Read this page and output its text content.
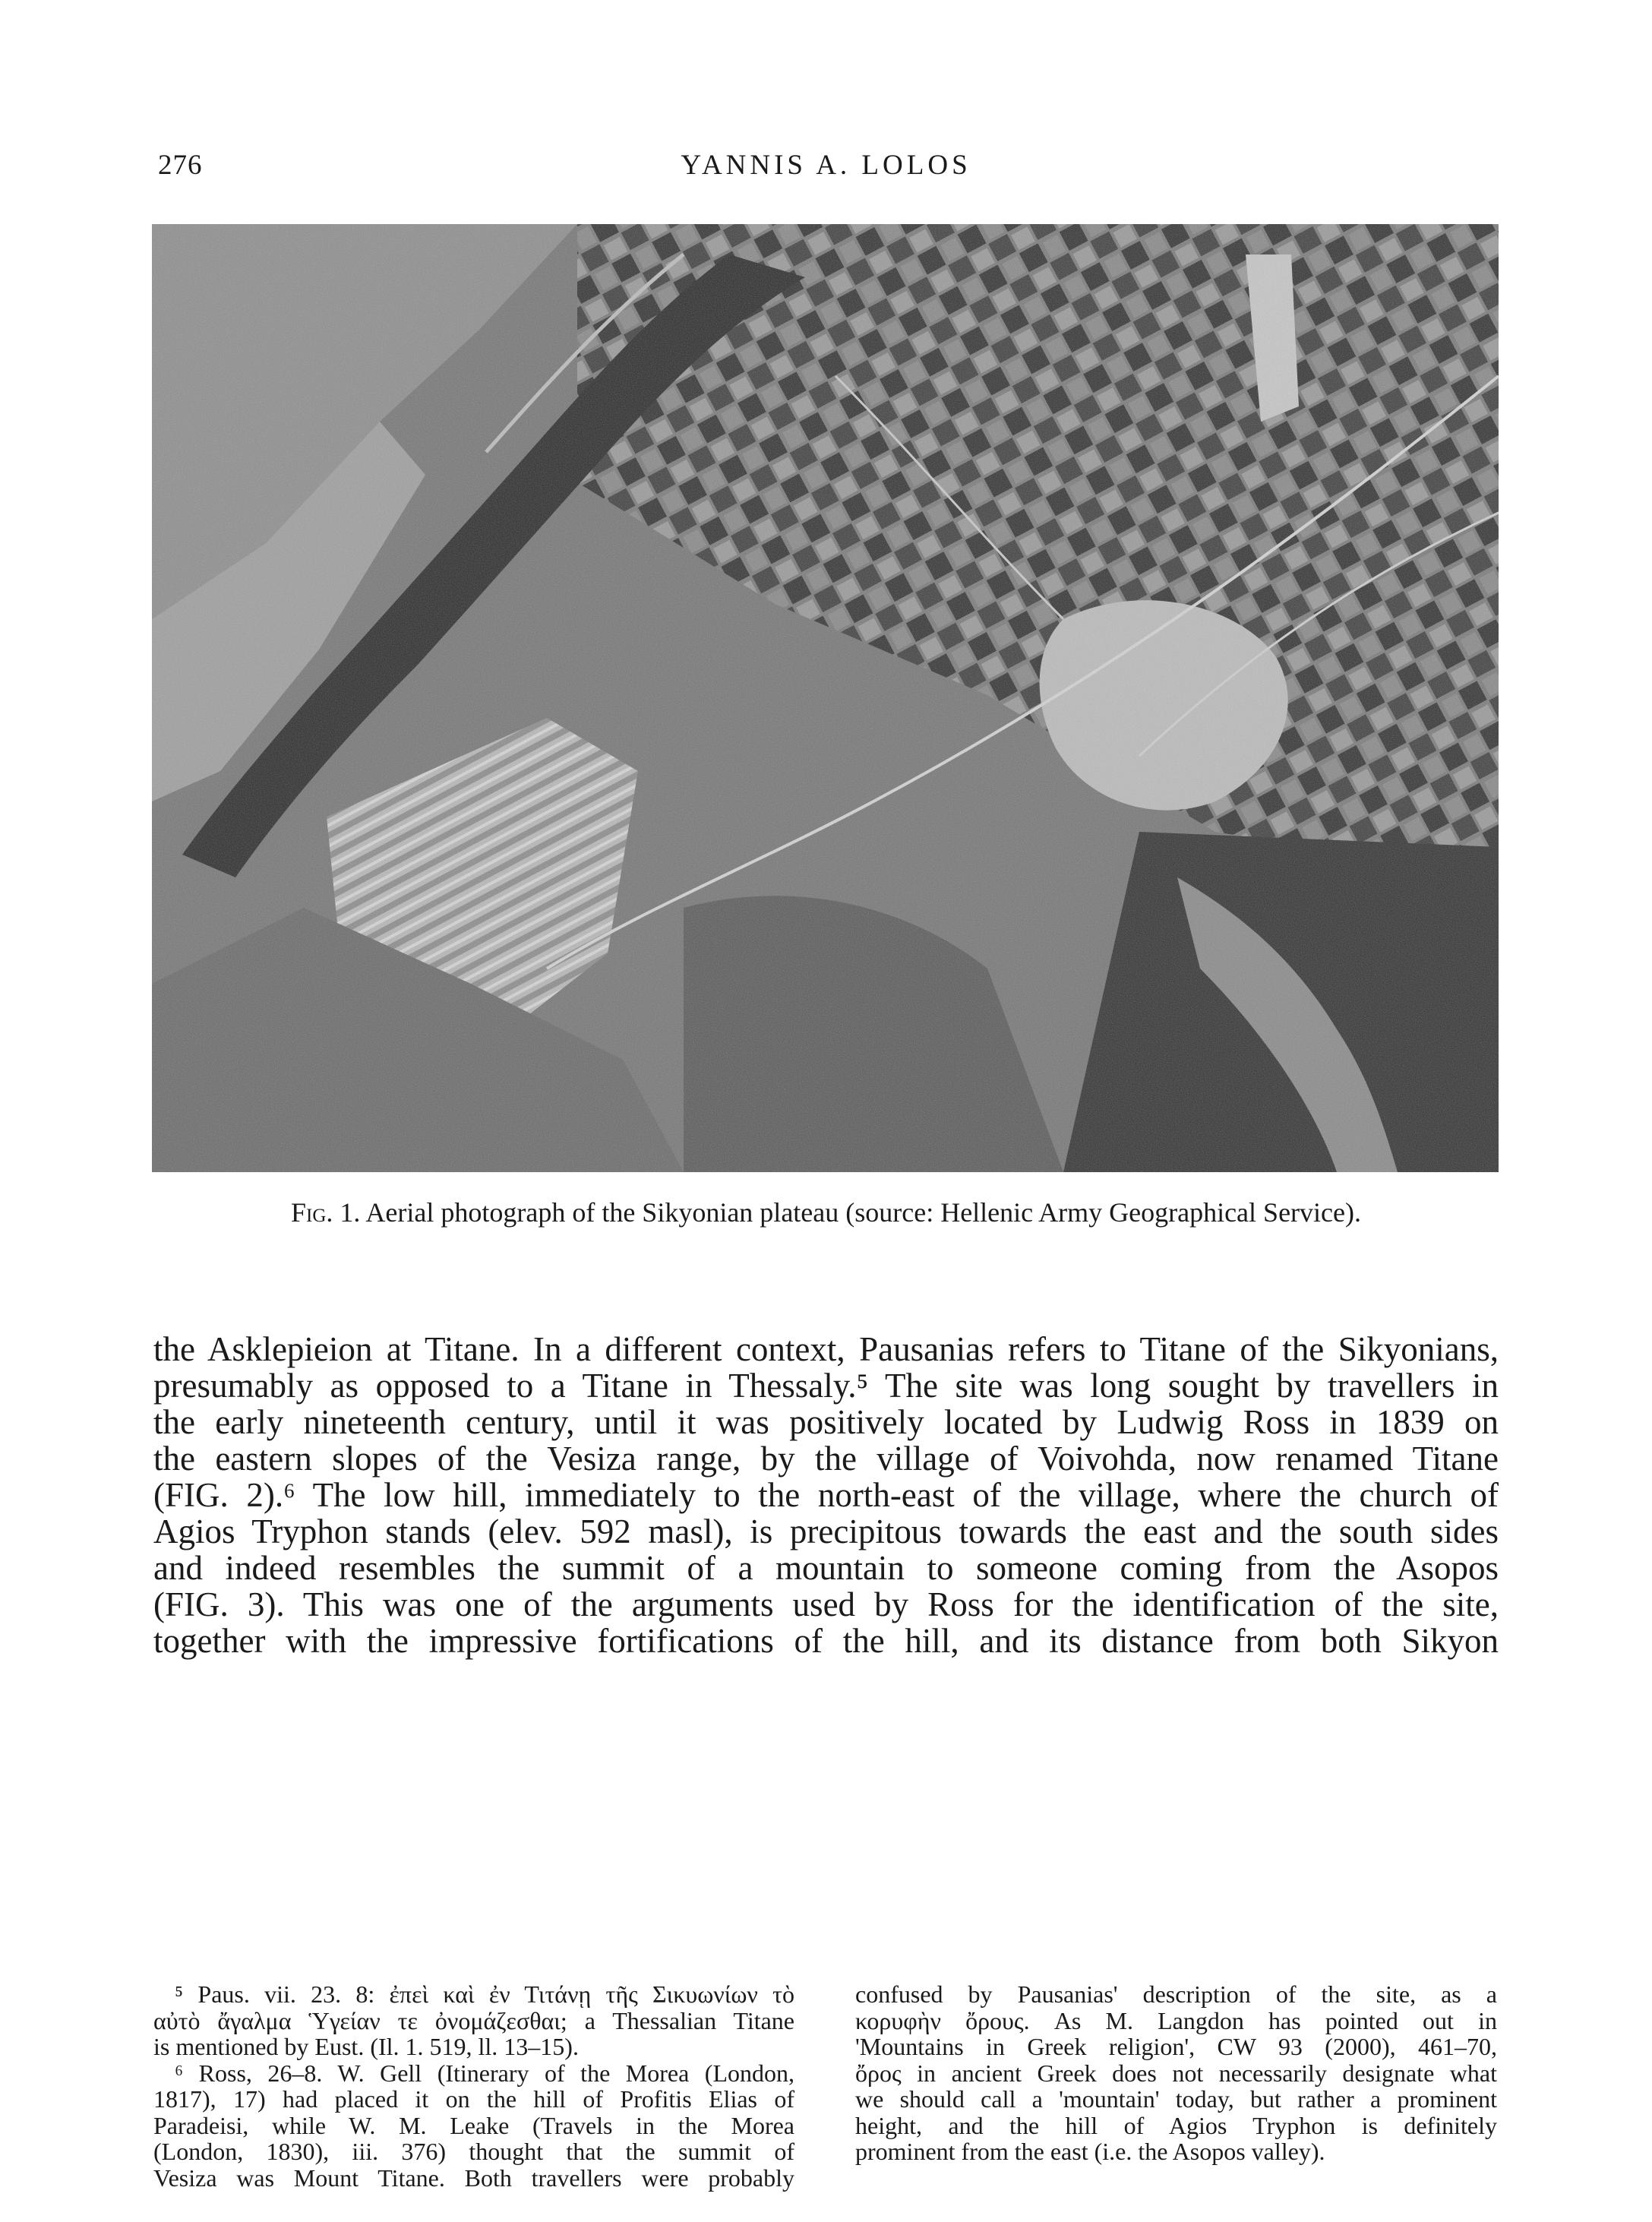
276	YANNIS A. LOLOS
Fig. 1. Aerial photograph of the Sikyonian plateau (source: Hellenic Army Geographical Service).
the Asklepieion at Titane. In a different context, Pausanias refers to Titane of the Sikyonians,
presumably as opposed to a Titane in Thessaly.⁵ The site was long sought by travellers in
the early nineteenth century, until it was positively located by Ludwig Ross in 1839 on
the eastern slopes of the Vesiza range, by the village of Voivohda, now renamed Titane
(FIG. 2).⁶ The low hill, immediately to the north-east of the village, where the church of
Agios Tryphon stands (elev. 592 masl), is precipitous towards the east and the south sides
and indeed resembles the summit of a mountain to someone coming from the Asopos
(FIG. 3). This was one of the arguments used by Ross for the identification of the site,
together with the impressive fortifications of the hill, and its distance from both Sikyon
⁵ Paus. vii. 23. 8: ἐπεὶ καὶ ἐν Τιτάνῃ τῆς Σικυωνίων τὸ
αὐτὸ ἄγαλμα Ὑγείαν τε ὀνομάζεσθαι; a Thessalian Titane
is mentioned by Eust. (Il. 1. 519, ll. 13–15).
⁶ Ross, 26–8. W. Gell (Itinerary of the Morea (London,
1817), 17) had placed it on the hill of Profitis Elias of
Paradeisi, while W. M. Leake (Travels in the Morea
(London, 1830), iii. 376) thought that the summit of
Vesiza was Mount Titane. Both travellers were probably
confused by Pausanias' description of the site, as a
κορυφὴν ὄρους. As M. Langdon has pointed out in
'Mountains in Greek religion', CW 93 (2000), 461–70,
ὄρος in ancient Greek does not necessarily designate what
we should call a 'mountain' today, but rather a prominent
height, and the hill of Agios Tryphon is definitely
prominent from the east (i.e. the Asopos valley).
